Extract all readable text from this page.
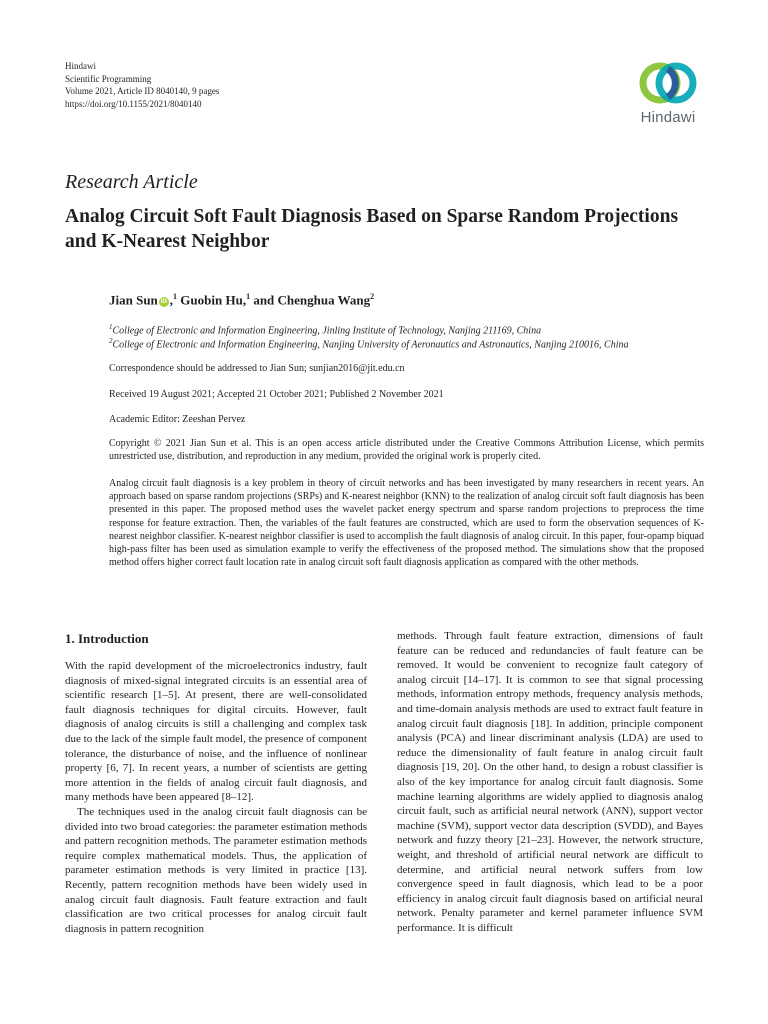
Hindawi
Scientific Programming
Volume 2021, Article ID 8040140, 9 pages
https://doi.org/10.1155/2021/8040140
Hindawi
Research Article
Analog Circuit Soft Fault Diagnosis Based on Sparse Random Projections and K-Nearest Neighbor
Jian Sun iD ,$^1$ Guobin Hu,$^1$ and Chenghua Wang$^2$
$^1$College of Electronic and Information Engineering, Jinling Institute of Technology, Nanjing 211169, China
$^2$College of Electronic and Information Engineering, Nanjing University of Aeronautics and Astronautics, Nanjing 210016, China
Correspondence should be addressed to Jian Sun; sunjian2016@jit.edu.cn
Received 19 August 2021; Accepted 21 October 2021; Published 2 November 2021
Academic Editor: Zeeshan Pervez

Copyright © 2021 Jian Sun et al. This is an open access article distributed under the Creative Commons Attribution License, which permits unrestricted use, distribution, and reproduction in any medium, provided the original work is properly cited.

Analog circuit fault diagnosis is a key problem in theory of circuit networks and has been investigated by many researchers in recent years. An approach based on sparse random projections (SRPs) and K-nearest neighbor (KNN) to the realization of analog circuit soft fault diagnosis has been presented in this paper. The proposed method uses the wavelet packet energy spectrum and sparse random projections to preprocess the time response for feature extraction. Then, the variables of the fault features are constructed, which are used to form the observation sequences of K-nearest neighbor classifier. K-nearest neighbor classifier is used to accomplish the fault diagnosis of analog circuit. In this paper, four-opamp biquad high-pass filter has been used as simulation example to verify the effectiveness of the proposed method. The simulations show that the proposed method offers higher correct fault location rate in analog circuit soft fault diagnosis application as compared with the other methods.

1. Introduction

With the rapid development of the microelectronics industry, fault diagnosis of mixed-signal integrated circuits is an essential area of scientific research [1–5]. At present, there are well-consolidated fault diagnosis techniques for digital circuits. However, fault diagnosis of analog circuits is still a challenging and complex task due to the lack of the simple fault model, the presence of component tolerance, the disturbance of noise, and the influence of nonlinear property [6, 7]. In recent years, a number of scientists are getting more attention in the fields of analog circuit fault diagnosis, and many methods have been appeared [8–12].

The techniques used in the analog circuit fault diagnosis can be divided into two broad categories: the parameter estimation methods and pattern recognition methods. The parameter estimation methods require complex mathematical models. Thus, the application of parameter estimation methods is very limited in practice [13]. Recently, pattern recognition methods have been widely used in analog circuit fault diagnosis. Fault feature extraction and fault classification are two critical processes for analog circuit fault diagnosis in pattern recognition

methods. Through fault feature extraction, dimensions of fault feature can be reduced and redundancies of fault feature can be removed. It would be convenient to recognize fault category of analog circuit [14–17]. It is common to see that signal processing methods, information entropy methods, frequency analysis methods, and time-domain analysis methods are used to extract fault feature in analog circuit fault diagnosis [18]. In addition, principle component analysis (PCA) and linear discriminant analysis (LDA) are used to reduce the dimensionality of fault feature in analog circuit fault diagnosis [19, 20]. On the other hand, to design a robust classifier is also of the key importance for analog circuit fault diagnosis. Some machine learning algorithms are widely applied to diagnosis analog circuit fault, such as artificial neural network (ANN), support vector machine (SVM), support vector data description (SVDD), and Bayes network and fuzzy theory [21–23]. However, the network structure, weight, and threshold of artificial neural network are difficult to determine, and artificial neural network suffers from low convergence speed in fault diagnosis, which lead to be a poor efficiency in analog circuit fault diagnosis based on artificial neural network. Penalty parameter and kernel parameter influence SVM performance. It is difficult
